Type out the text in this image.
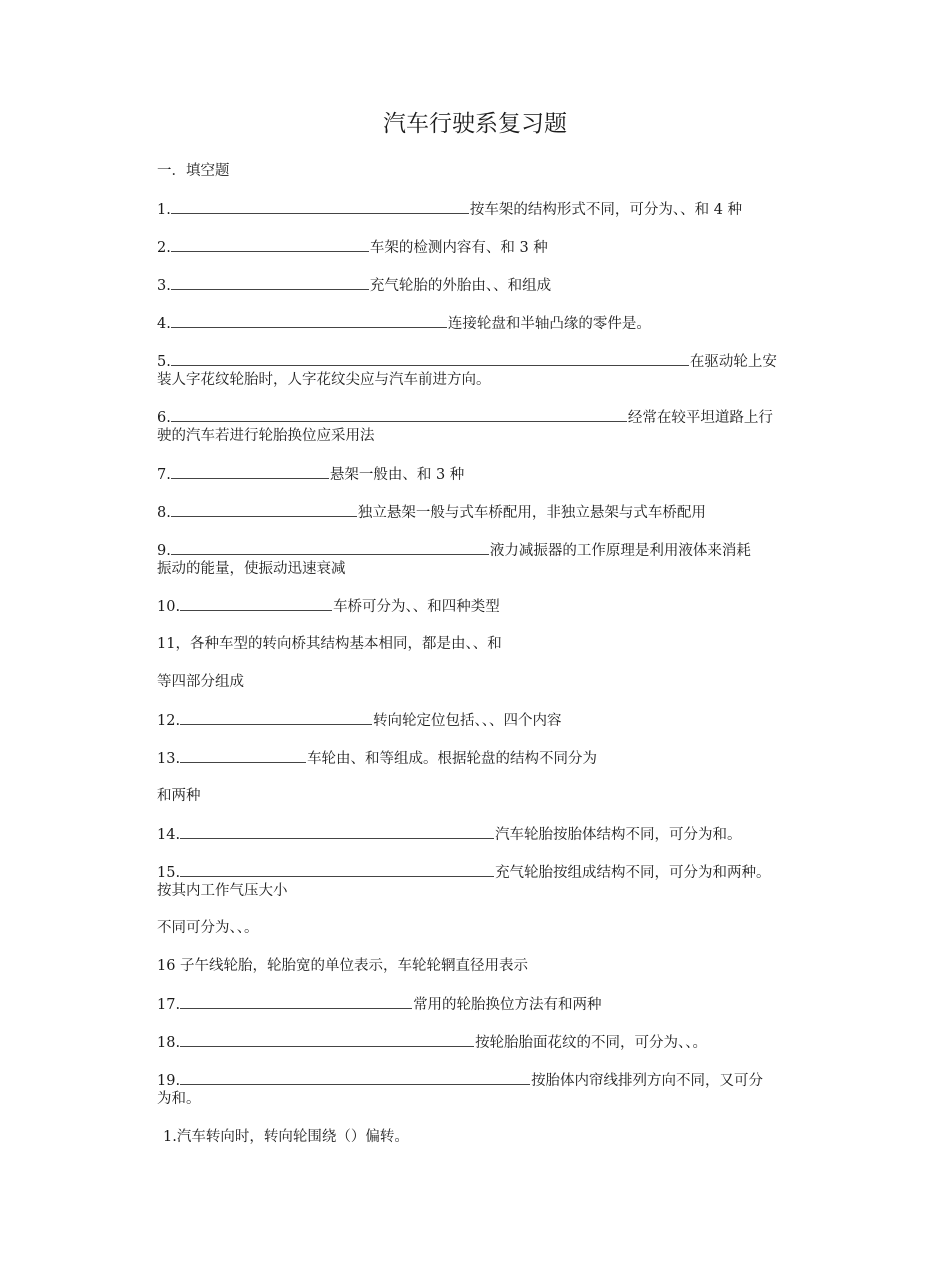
汽车行驶系复习题
一．填空题
1.	按车架的结构形式不同，可分为、、和 4 种
2.	车架的检测内容有、和 3 种
3.	充气轮胎的外胎由、、和组成
4.	连接轮盘和半轴凸缘的零件是。
5.	在驱动轮上安
装人字花纹轮胎时，人字花纹尖应与汽车前进方向。
6.	经常在较平坦道路上行
驶的汽车若进行轮胎换位应采用法
7.	悬架一般由、和 3 种
8.	独立悬架一般与式车桥配用，非独立悬架与式车桥配用
9.	液力减振器的工作原理是利用液体来消耗
振动的能量，使振动迅速衰减
10.	车桥可分为、、和四种类型
11，各种车型的转向桥其结构基本相同，都是由、、和
等四部分组成
12.	转向轮定位包括、、、四个内容
13.	车轮由、和等组成。根据轮盘的结构不同分为
和两种
14.	汽车轮胎按胎体结构不同，可分为和。
15.	充气轮胎按组成结构不同，可分为和两种。
按其内工作气压大小
不同可分为、、。
16 子午线轮胎，轮胎宽的单位表示，车轮轮辋直径用表示
17.	常用的轮胎换位方法有和两种
18.	按轮胎胎面花纹的不同，可分为、、。
19.	按胎体内帘线排列方向不同，又可分
为和。
1.汽车转向时，转向轮围绕（）偏转。
